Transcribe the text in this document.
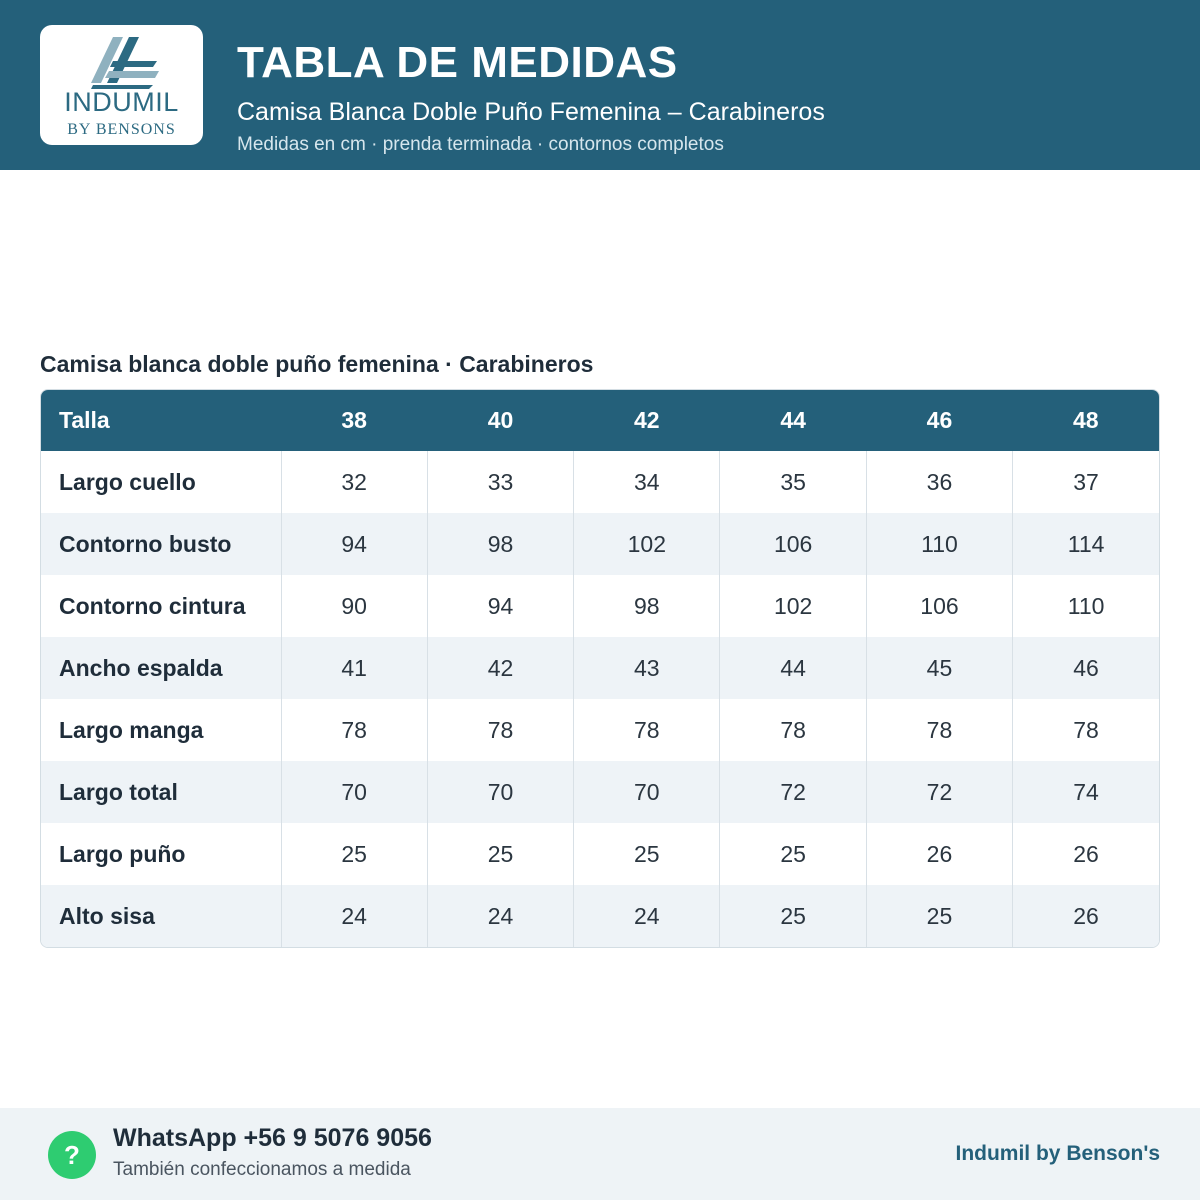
INDUMIL
BY BENSONS
TABLA DE MEDIDAS
Camisa Blanca Doble Puño Femenina – Carabineros
Medidas en cm · prenda terminada · contornos completos
Camisa blanca doble puño femenina · Carabineros
Talla	38	40	42	44	46	48
Largo cuello	32	33	34	35	36	37
Contorno busto	94	98	102	106	110	114
Contorno cintura	90	94	98	102	106	110
Ancho espalda	41	42	43	44	45	46
Largo manga	78	78	78	78	78	78
Largo total	70	70	70	72	72	74
Largo puño	25	25	25	25	26	26
Alto sisa	24	24	24	25	25	26
?
WhatsApp +56 9 5076 9056
También confeccionamos a medida
Indumil by Benson's
